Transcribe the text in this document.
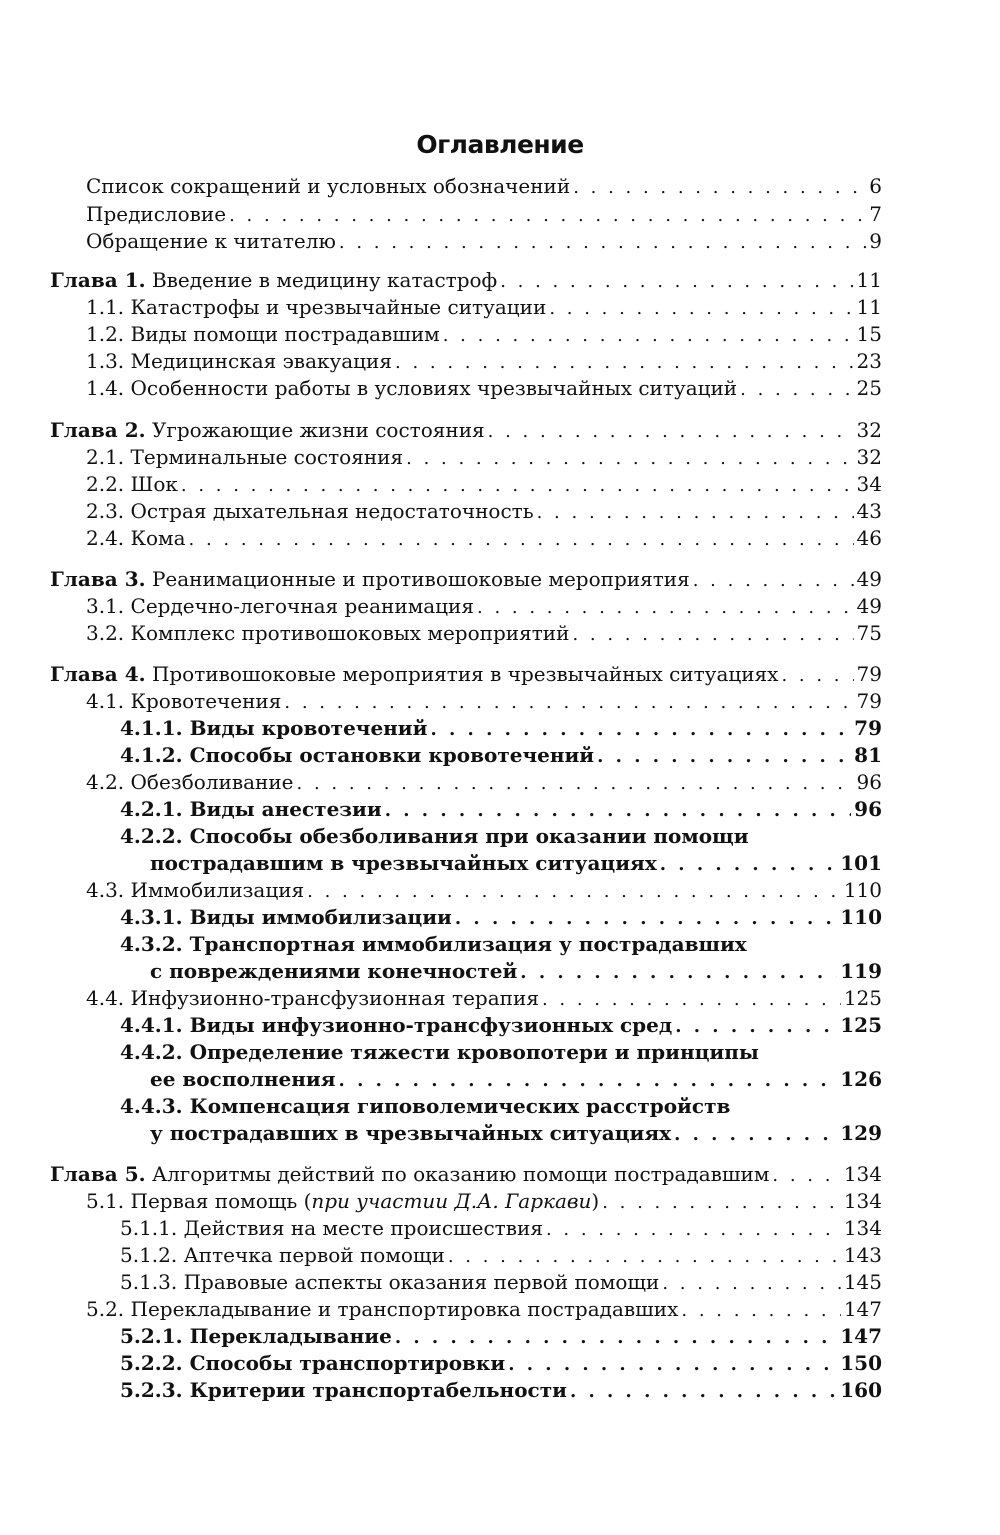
Оглавление
Список сокращений и условных обозначений . . .	6
Предисловие . . .	7
Обращение к читателю . . .	9
Глава 1.
Введение в медицину катастроф . . .	11
1.1. Катастрофы и чрезвычайные ситуации . . .	11
1.2. Виды помощи пострадавшим . . .	15
1.3. Медицинская эвакуация . . .	23
1.4. Особенности работы в условиях чрезвычайных ситуаций . . .	25
Глава 2.
Угрожающие жизни состояния . . .	32
2.1. Терминальные состояния . . .	32
2.2. Шок . . .	34
2.3. Острая дыхательная недостаточность . . .	43
2.4. Кома . . .	46
Глава 3.
Реанимационные и противошоковые мероприятия . . .	49
3.1. Сердечно-легочная реанимация . . .	49
3.2. Комплекс противошоковых мероприятий . . .	75
Глава 4.
Противошоковые мероприятия в чрезвычайных ситуациях . . .	79
4.1. Кровотечения . . .	79
4.1.1. Виды кровотечений . . .	79
4.1.2. Способы остановки кровотечений . . .	81
4.2. Обезболивание . . .	96
4.2.1. Виды анестезии . . .	96
4.2.2. Способы обезболивания при оказании помощи
пострадавшим в чрезвычайных ситуациях . . .	101
4.3. Иммобилизация . . .	110
4.3.1. Виды иммобилизации . . .	110
4.3.2. Транспортная иммобилизация у пострадавших
с повреждениями конечностей . . .	119
4.4. Инфузионно-трансфузионная терапия . . .	125
4.4.1. Виды инфузионно-трансфузионных сред . . .	125
4.4.2. Определение тяжести кровопотери и принципы
ее восполнения . . .	126
4.4.3. Компенсация гиповолемических расстройств
у пострадавших в чрезвычайных ситуациях . . .	129
Глава 5.
Алгоритмы действий по оказанию помощи пострадавшим . . .	134
5.1. Первая помощь ( при участии Д.А. Гаркави ) . . .	134
5.1.1. Действия на месте происшествия . . .	134
5.1.2. Аптечка первой помощи . . .	143
5.1.3. Правовые аспекты оказания первой помощи . . .	145
5.2. Перекладывание и транспортировка пострадавших . . .	147
5.2.1. Перекладывание . . .	147
5.2.2. Способы транспортировки . . .	150
5.2.3. Критерии транспортабельности . . .	160
